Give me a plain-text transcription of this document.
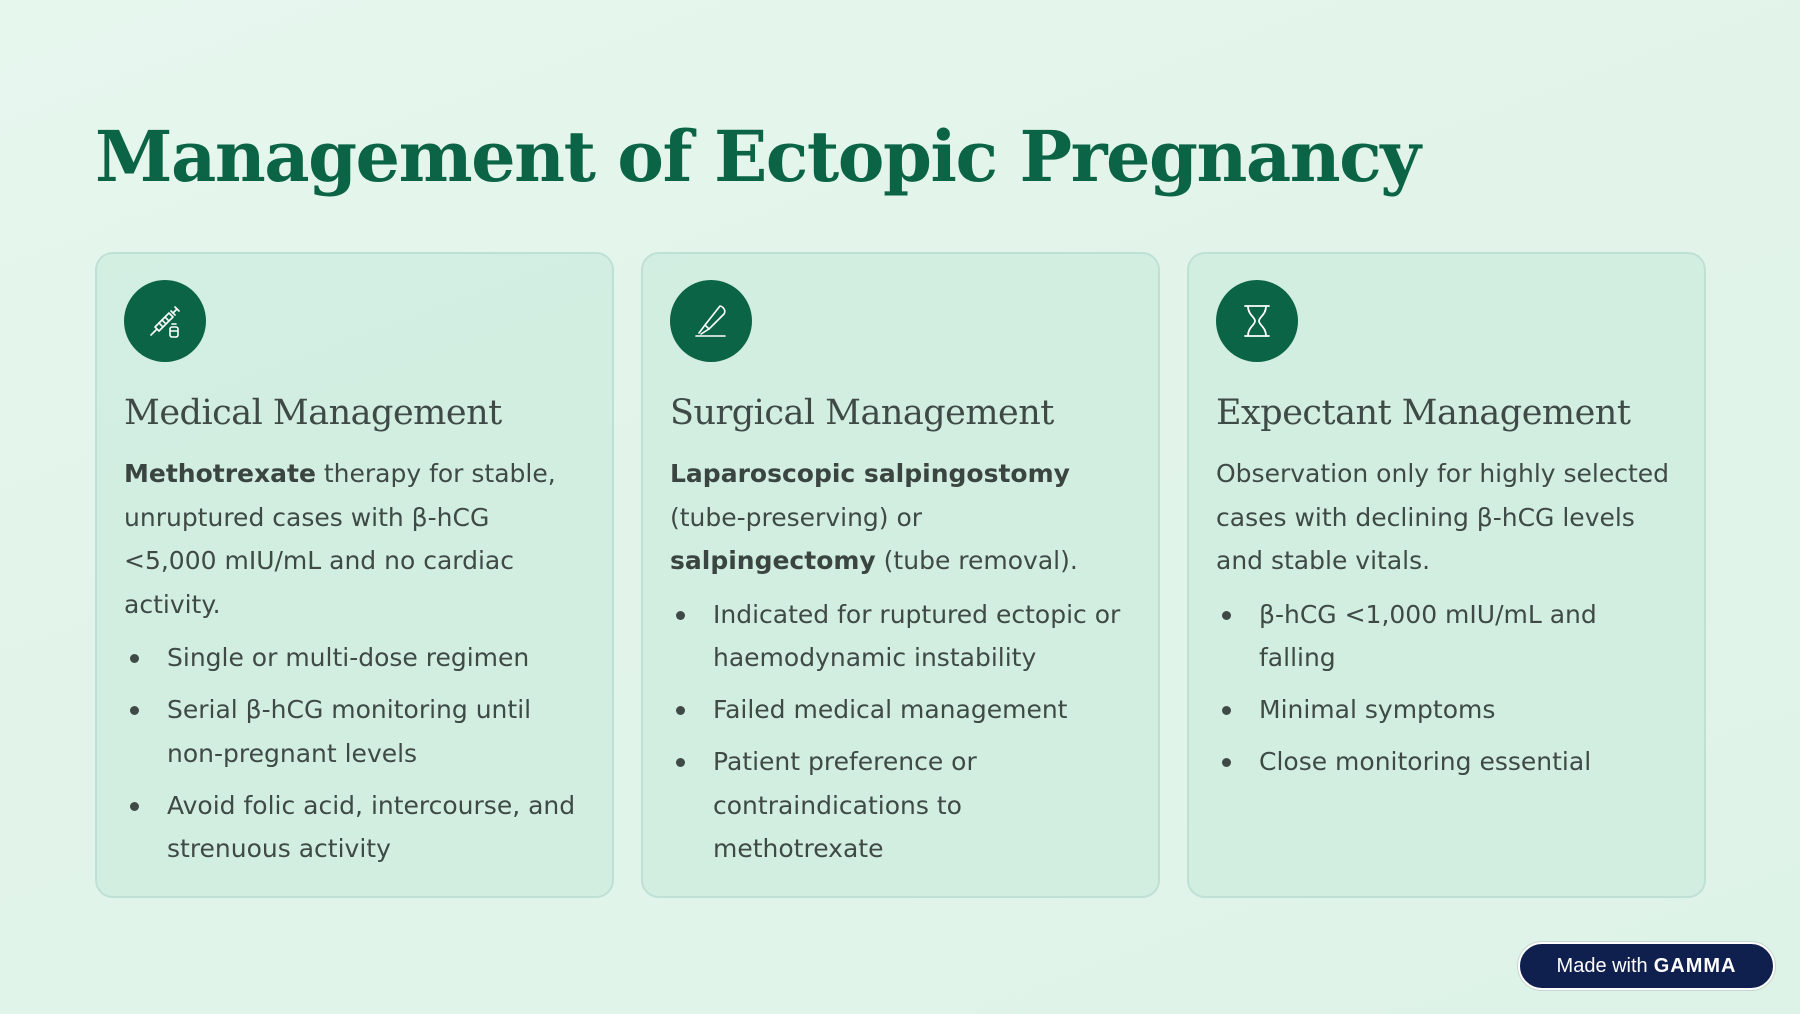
Management of Ectopic Pregnancy
Medical Management

Methotrexate therapy for stable, unruptured cases with β-hCG <5,000 mIU/mL and no cardiac activity.

Single or multi-dose regimen
Serial β-hCG monitoring until non-pregnant levels
Avoid folic acid, intercourse, and strenuous activity
Surgical Management

Laparoscopic salpingostomy (tube-preserving) or salpingectomy (tube removal).

Indicated for ruptured ectopic or haemodynamic instability
Failed medical management
Patient preference or contraindications to methotrexate
Expectant Management

Observation only for highly selected cases with declining β-hCG levels and stable vitals.

β-hCG <1,000 mIU/mL and falling
Minimal symptoms
Close monitoring essential
Made with GAMMA
